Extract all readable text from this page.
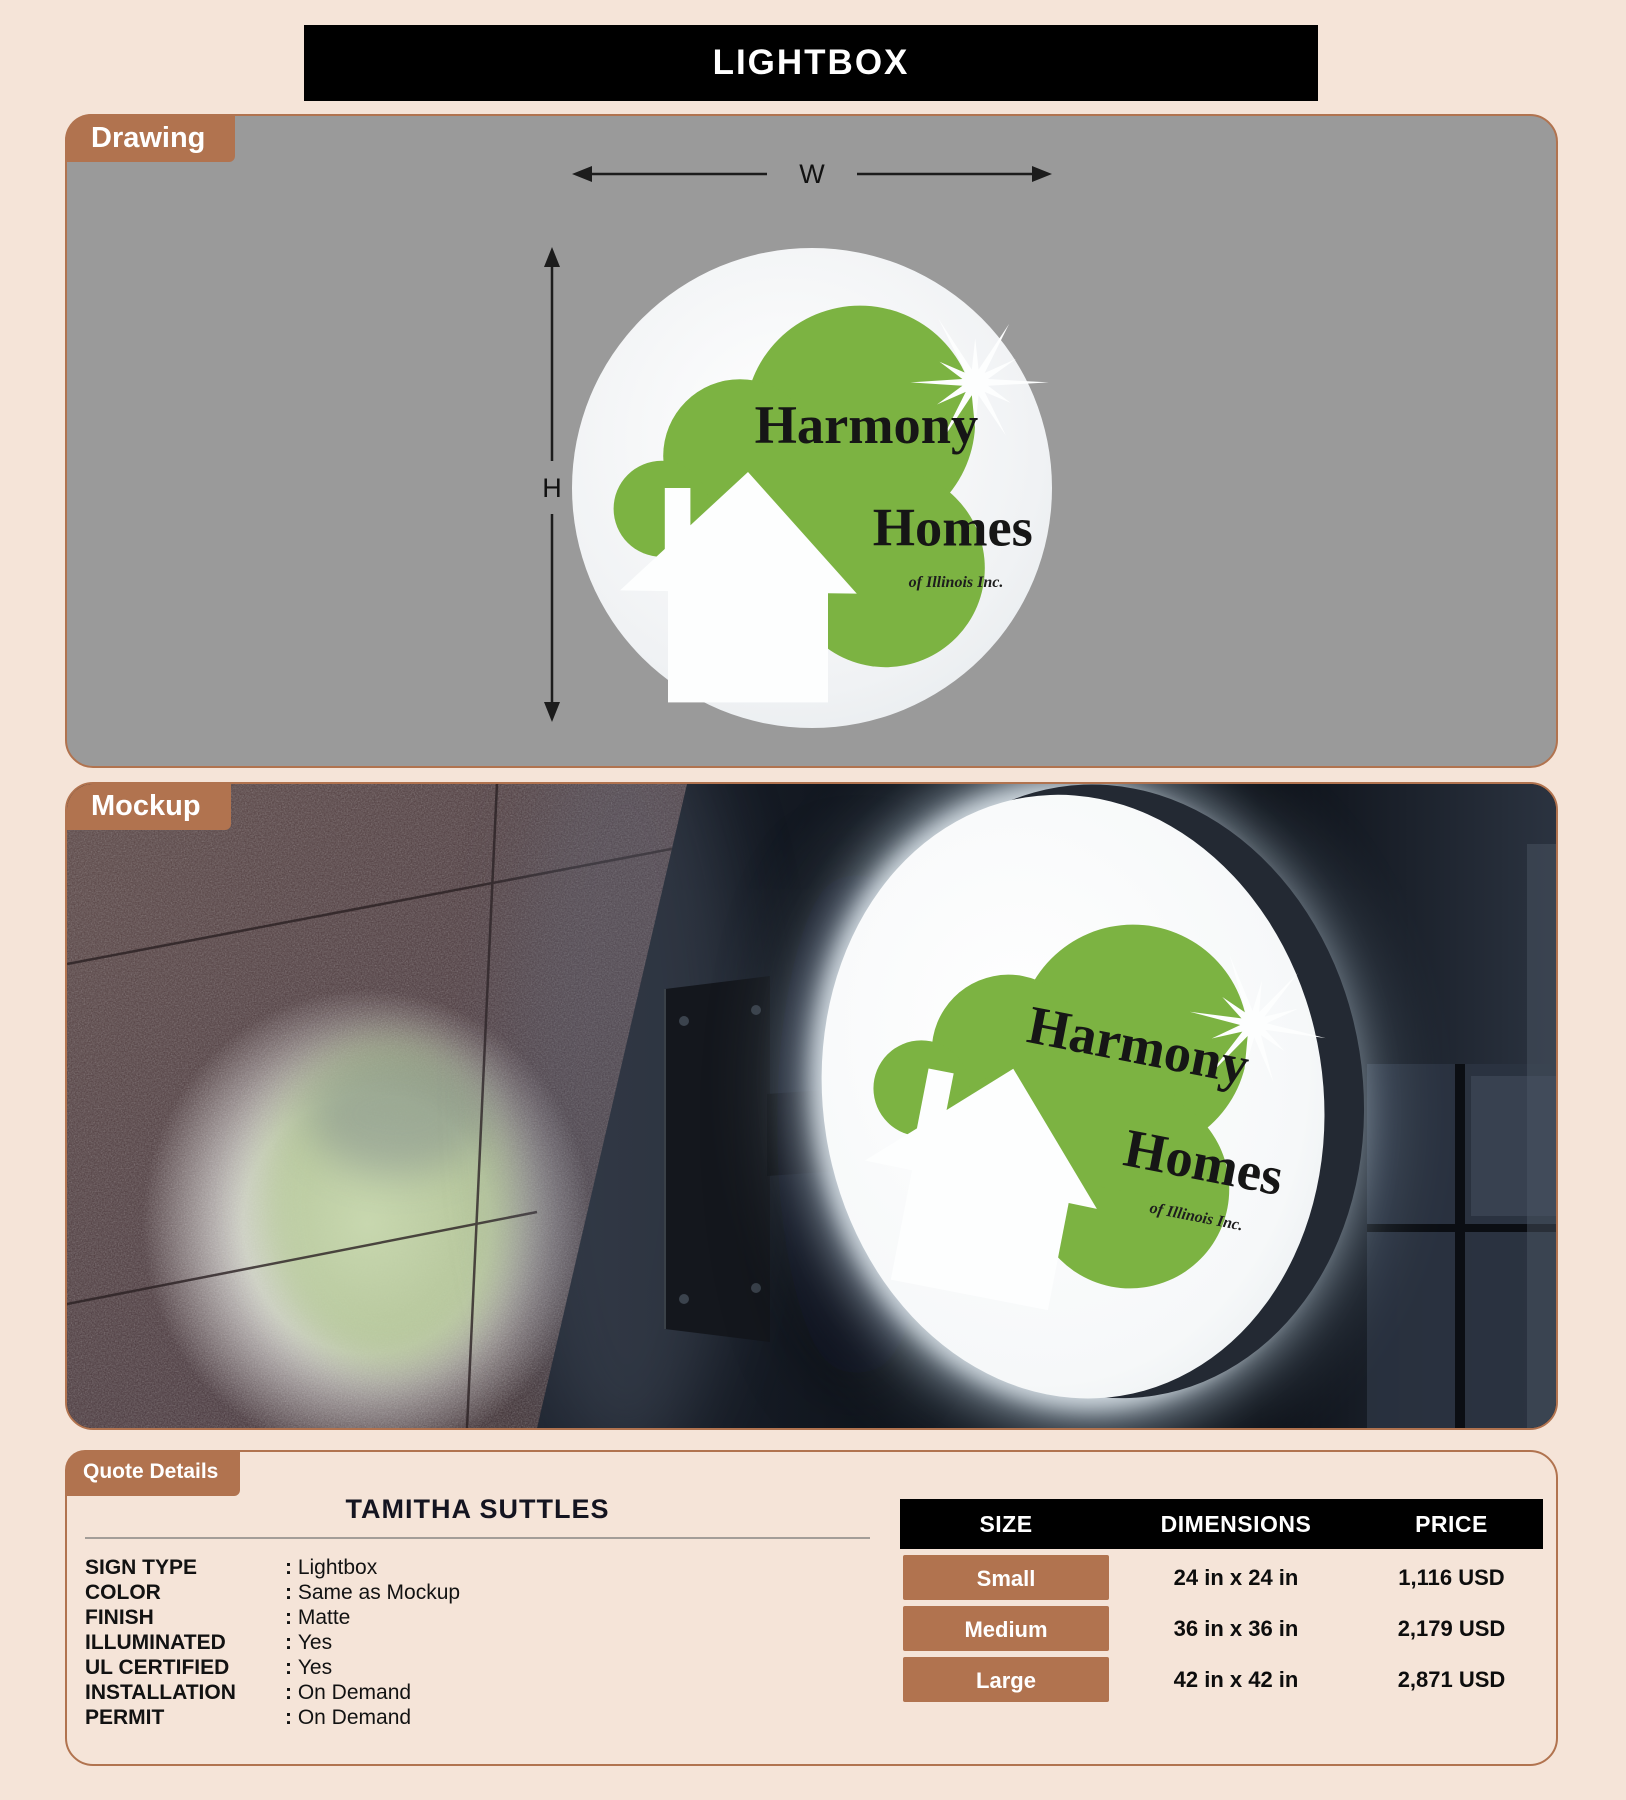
LIGHTBOX
Drawing
Harmony
Homes
of Illinois Inc.
W
H
Mockup
Quote Details
TAMITHA SUTTLES
SIGN TYPE	: Lightbox
COLOR	: Same as Mockup
FINISH	: Matte
ILLUMINATED	: Yes
UL CERTIFIED	: Yes
INSTALLATION	: On Demand
PERMIT	: On Demand
SIZE	DIMENSIONS	PRICE
Small	24 in x 24 in	1,116 USD
Medium	36 in x 36 in	2,179 USD
Large	42 in x 42 in	2,871 USD
